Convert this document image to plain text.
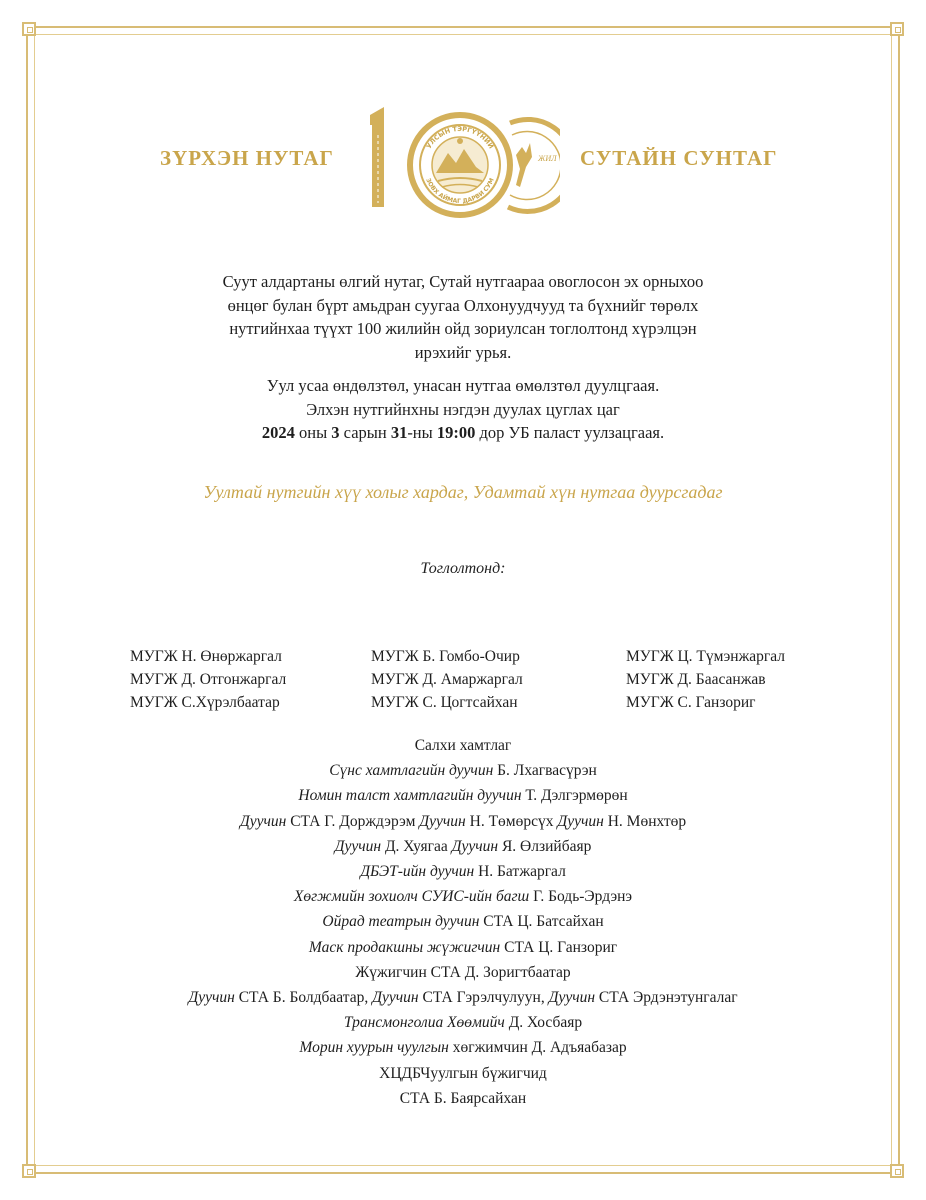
ЗҮРХЭН НУТАГ	СУТАЙН СУНТАГ
УЛСЫН ТЭРГҮҮНИЙ
ЗОВХ АЙМАГ ДАРВИ СУМ
ЖИЛ

Суут алдартаны өлгий нутаг, Сутай нутгаараа овоглосон эх орныхоо
өнцөг булан бүрт амьдран суугаа Олхонуудчууд та бүхнийг төрөлх
нутгийнхаа түүхт 100 жилийн ойд зориулсан тоглолтонд хүрэлцэн
ирэхийг урья.

Уул усаа өндөлзтөл, унасан нутгаа өмөлзтөл дуулцгаая.
Элхэн нутгийнхны нэгдэн дуулах цуглах цаг
2024 оны 3 сарын 31-ны 19:00 дор УБ паласт уулзацгаая.

Уултай нутгийн хүү холыг хардаг, Удамтай хүн нутгаа дуурсгадаг
Тоглолтонд:
МУГЖ Н. Өнөржаргал
МУГЖ Д. Отгонжаргал
МУГЖ С.Хүрэлбаатар
МУГЖ Б. Гомбо-Очир
МУГЖ Д. Амаржаргал
МУГЖ С. Цогтсайхан
МУГЖ Ц. Түмэнжаргал
МУГЖ Д. Баасанжав
МУГЖ С. Ганзориг
Салхи хамтлаг
Сүнс хамтлагийн дуучин Б. Лхагвасүрэн
Номин талст хамтлагийн дуучин Т. Дэлгэрмөрөн
Дуучин СТА Г. Дорждэрэм Дуучин Н. Төмөрсүх Дуучин Н. Мөнхтөр
Дуучин Д. Хуягаа Дуучин Я. Өлзийбаяр
ДБЭТ-ийн дуучин Н. Батжаргал
Хөгжмийн зохиолч СУИС-ийн багш Г. Бодь-Эрдэнэ
Ойрад театрын дуучин СТА Ц. Батсайхан
Маск продакшны жүжигчин СТА Ц. Ганзориг
Жүжигчин СТА Д. Зоригтбаатар
Дуучин СТА Б. Болдбаатар, Дуучин СТА Гэрэлчулуун, Дуучин СТА Эрдэнэтунгалаг
Трансмонголиа Хөөмийч Д. Хосбаяр
Морин хуурын чуулгын хөгжимчин Д. Адъяабазар
ХЦДБЧуулгын бүжигчид
СТА Б. Баярсайхан
